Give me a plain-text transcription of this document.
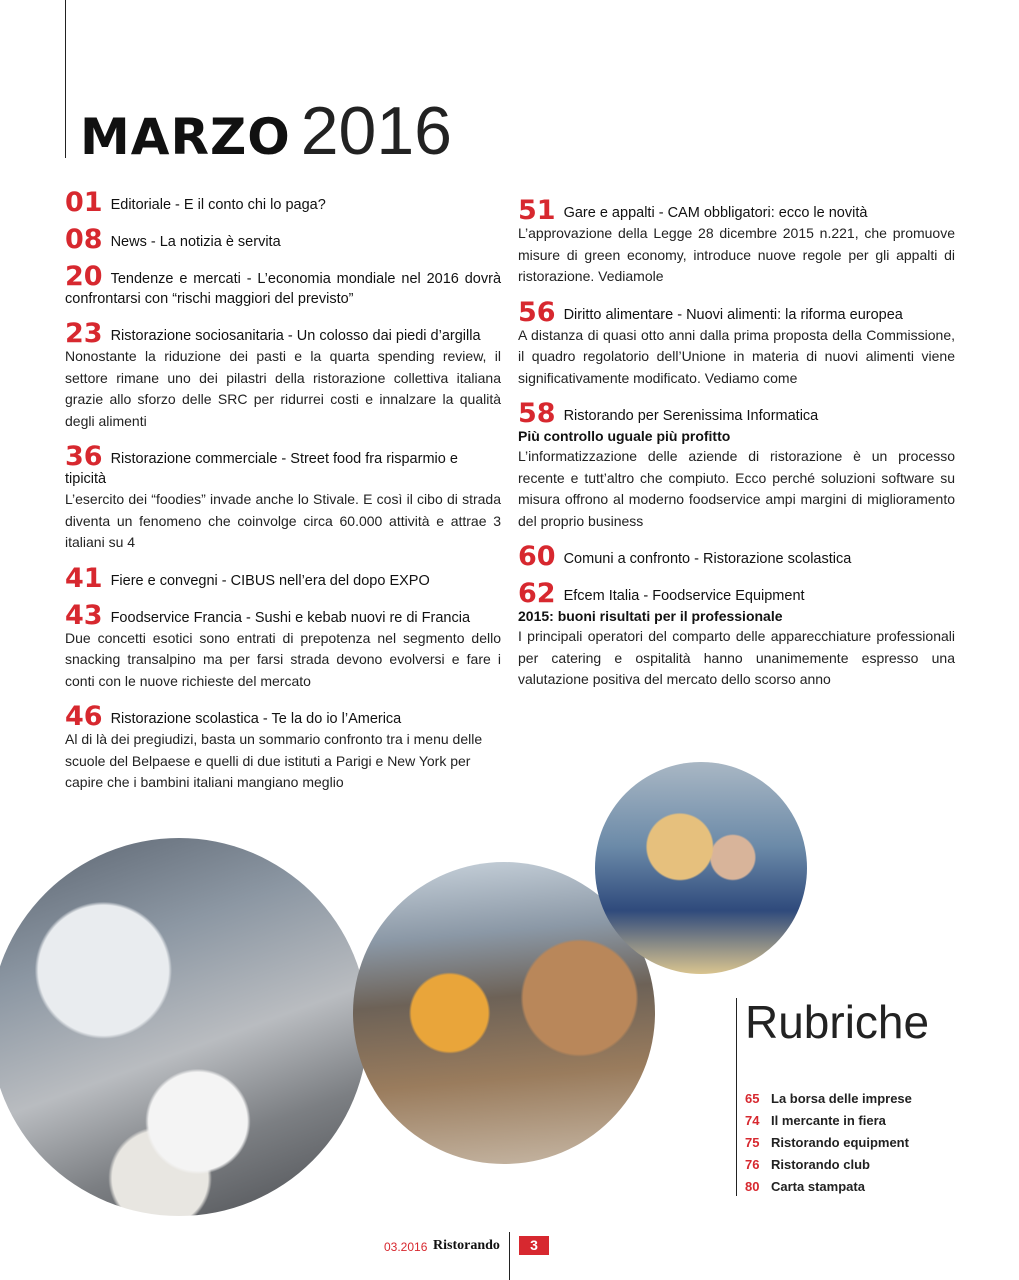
MARZO 2016
01 Editoriale - E il conto chi lo paga?
08 News - La notizia è servita
20 Tendenze e mercati - L’economia mondiale nel 2016 dovrà confrontarsi con “rischi maggiori del previsto”
23 Ristorazione sociosanitaria - Un colosso dai piedi d’argilla

Nonostante la riduzione dei pasti e la quarta spending review, il settore rimane uno dei pilastri della ristorazione collettiva italiana grazie allo sforzo delle SRC per ridurrei costi e innalzare la qualità degli alimenti

36 Ristorazione commerciale - Street food fra risparmio e tipicità

L’esercito dei “foodies” invade anche lo Stivale. E così il cibo di strada diventa un fenomeno che coinvolge circa 60.000 attività e attrae 3 italiani su 4

41 Fiere e convegni - CIBUS nell’era del dopo EXPO
43 Foodservice Francia - Sushi e kebab nuovi re di Francia

Due concetti esotici sono entrati di prepotenza nel segmento dello snacking transalpino ma per farsi strada devono evolversi e fare i conti con le nuove richieste del mercato

46 Ristorazione scolastica - Te la do io l’America

Al di là dei pregiudizi, basta un sommario confronto tra i menu delle scuole del Belpaese e quelli di due istituti a Parigi e New York per capire che i bambini italiani mangiano meglio

51 Gare e appalti - CAM obbligatori: ecco le novità

L’approvazione della Legge 28 dicembre 2015 n.221, che promuove misure di green economy, introduce nuove regole per gli appalti di ristorazione. Vediamole

56 Diritto alimentare - Nuovi alimenti: la riforma europea

A distanza di quasi otto anni dalla prima proposta della Commissione, il quadro regolatorio dell’Unione in materia di nuovi alimenti viene significativamente modificato. Vediamo come

58 Ristorando per Serenissima Informatica
Più controllo uguale più profitto

L’informatizzazione delle aziende di ristorazione è un processo recente e tutt’altro che compiuto. Ecco perché soluzioni software su misura offrono al moderno foodservice ampi margini di miglioramento del proprio business

60 Comuni a confronto - Ristorazione scolastica
62 Efcem Italia - Foodservice Equipment
2015: buoni risultati per il professionale

I principali operatori del comparto delle apparecchiature professionali per catering e ospitalità hanno unanimemente espresso una valutazione positiva del mercato dello scorso anno

Rubriche
65 La borsa delle imprese
74 Il mercante in fiera
75 Ristorando equipment
76 Ristorando club
80 Carta stampata
03.2016 Ristorando	3
